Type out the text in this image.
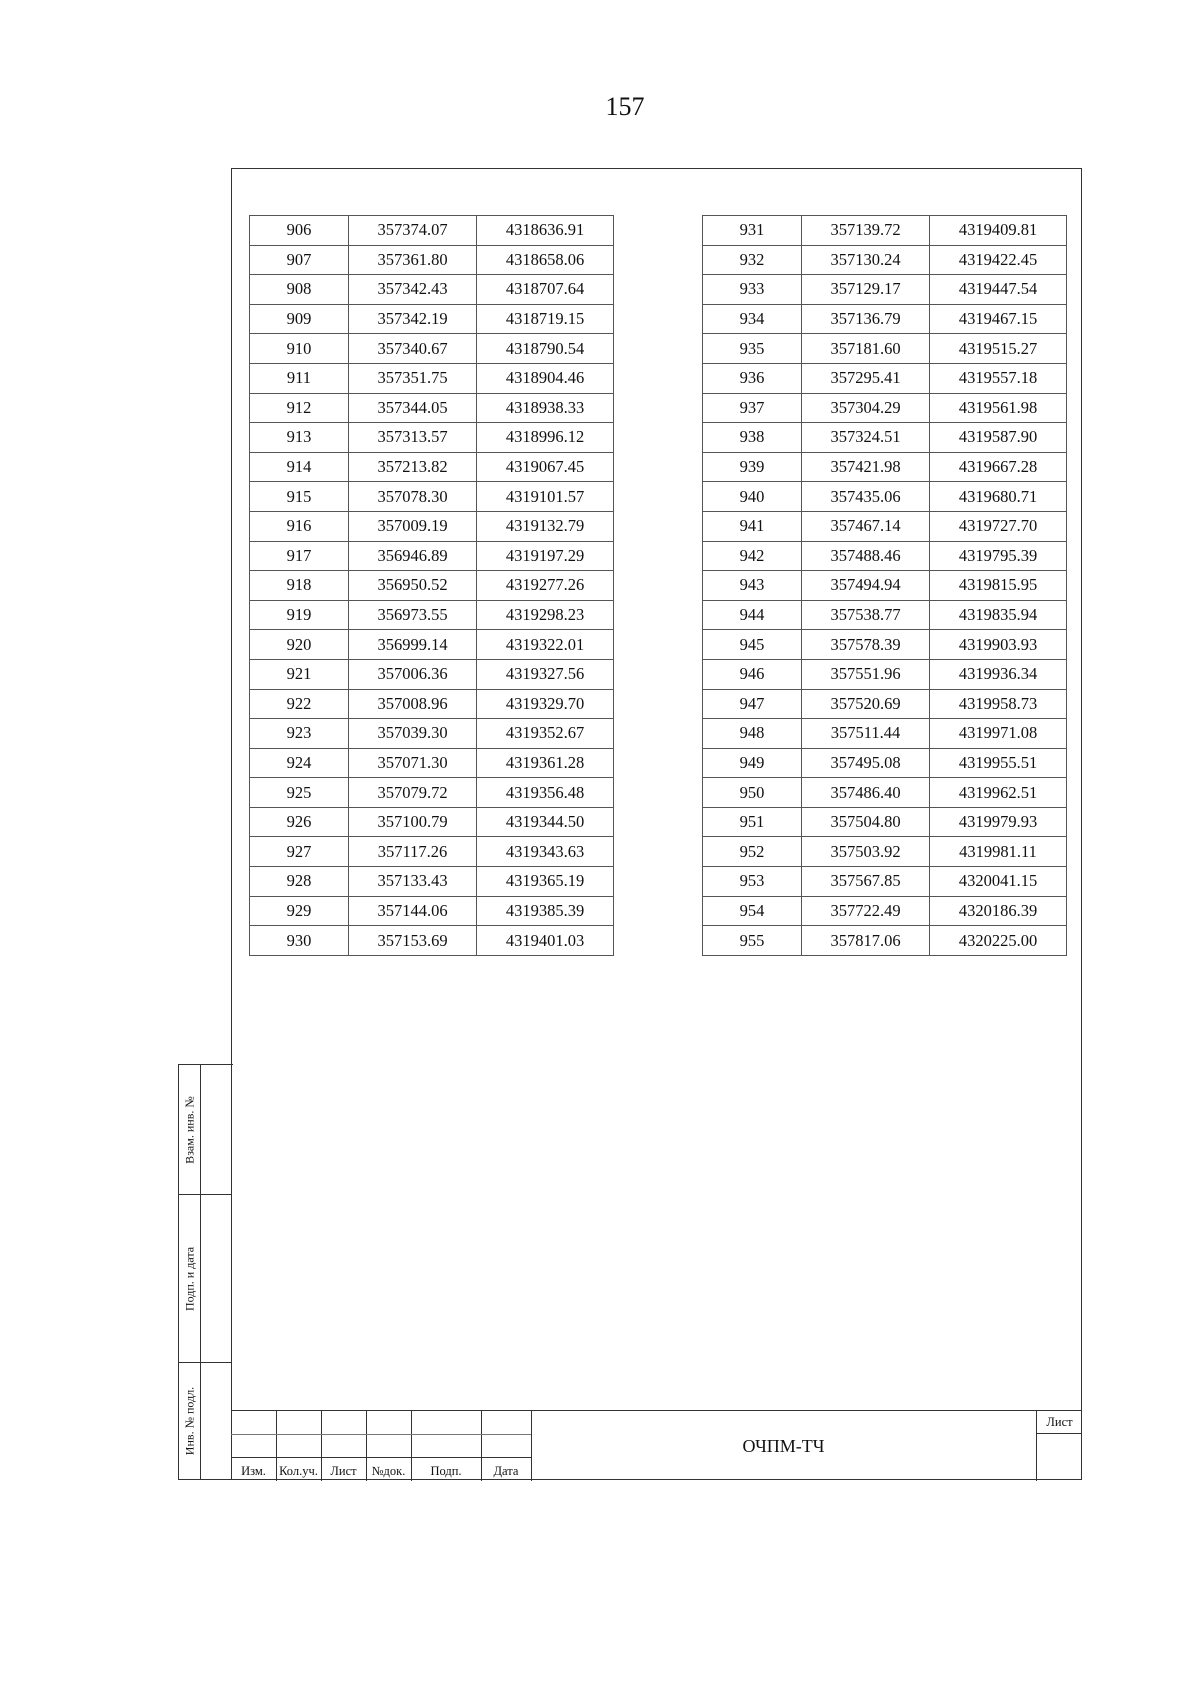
157
906	357374.07	4318636.91
907	357361.80	4318658.06
908	357342.43	4318707.64
909	357342.19	4318719.15
910	357340.67	4318790.54
911	357351.75	4318904.46
912	357344.05	4318938.33
913	357313.57	4318996.12
914	357213.82	4319067.45
915	357078.30	4319101.57
916	357009.19	4319132.79
917	356946.89	4319197.29
918	356950.52	4319277.26
919	356973.55	4319298.23
920	356999.14	4319322.01
921	357006.36	4319327.56
922	357008.96	4319329.70
923	357039.30	4319352.67
924	357071.30	4319361.28
925	357079.72	4319356.48
926	357100.79	4319344.50
927	357117.26	4319343.63
928	357133.43	4319365.19
929	357144.06	4319385.39
930	357153.69	4319401.03
931	357139.72	4319409.81
932	357130.24	4319422.45
933	357129.17	4319447.54
934	357136.79	4319467.15
935	357181.60	4319515.27
936	357295.41	4319557.18
937	357304.29	4319561.98
938	357324.51	4319587.90
939	357421.98	4319667.28
940	357435.06	4319680.71
941	357467.14	4319727.70
942	357488.46	4319795.39
943	357494.94	4319815.95
944	357538.77	4319835.94
945	357578.39	4319903.93
946	357551.96	4319936.34
947	357520.69	4319958.73
948	357511.44	4319971.08
949	357495.08	4319955.51
950	357486.40	4319962.51
951	357504.80	4319979.93
952	357503.92	4319981.11
953	357567.85	4320041.15
954	357722.49	4320186.39
955	357817.06	4320225.00
Взам. инв. №
Подп. и дата
Инв. № подл.
Изм.	Кол.уч.	Лист	№док.	Подп.	Дата
ОЧПМ-ТЧ
Лист
